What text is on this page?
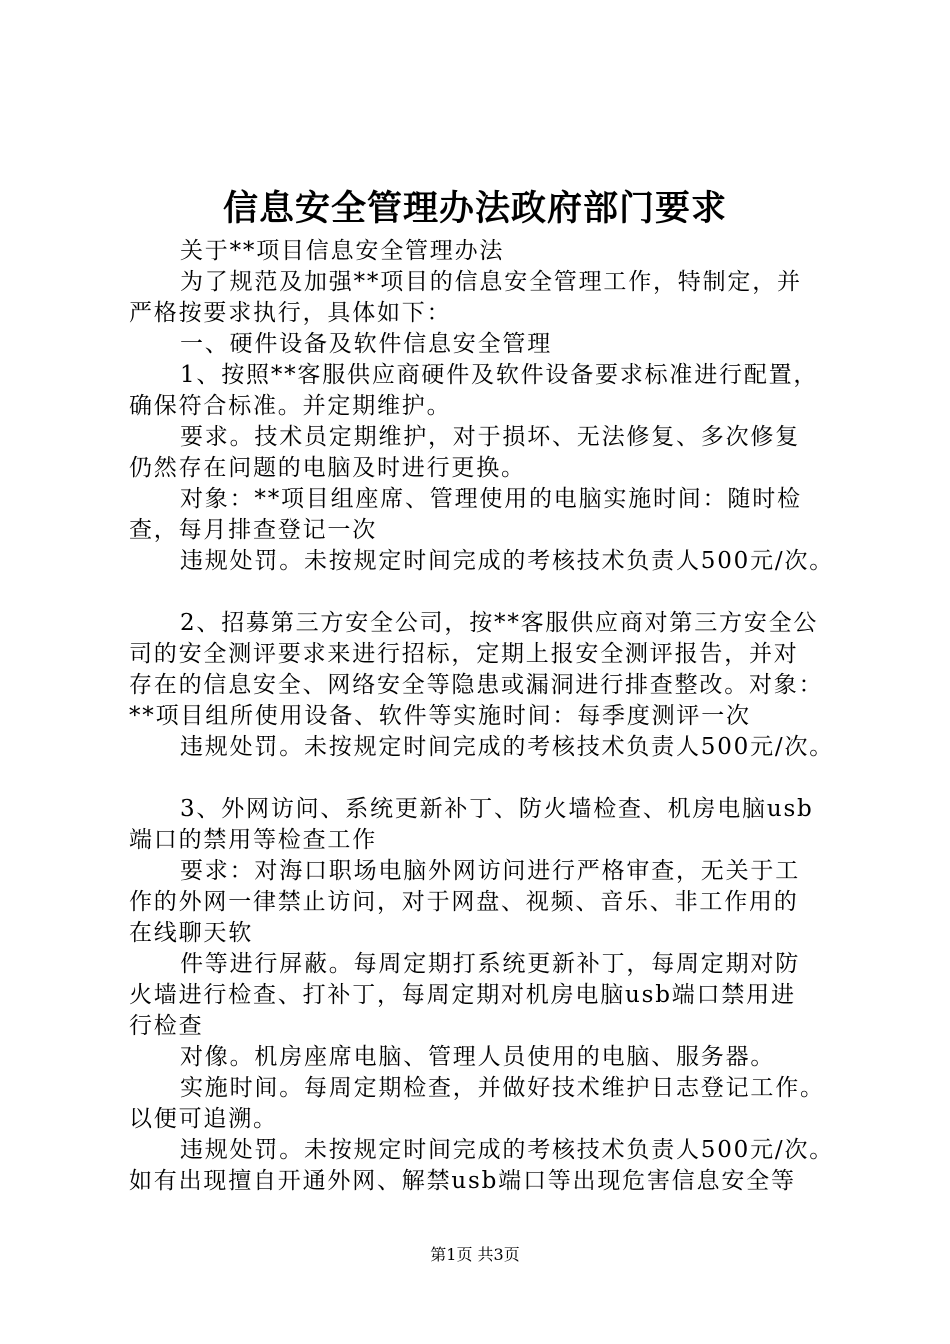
信息安全管理办法政府部门要求

关于**项目信息安全管理办法

为了规范及加强**项目的信息安全管理工作，特制定，并

严格按要求执行，具体如下：

一、硬件设备及软件信息安全管理

1、按照**客服供应商硬件及软件设备要求标准进行配置，

确保符合标准。并定期维护。

要求。技术员定期维护，对于损坏、无法修复、多次修复

仍然存在问题的电脑及时进行更换。

对象：**项目组座席、管理使用的电脑实施时间：随时检

查，每月排查登记一次

违规处罚。未按规定时间完成的考核技术负责人500元/次。

2、招募第三方安全公司，按**客服供应商对第三方安全公

司的安全测评要求来进行招标，定期上报安全测评报告，并对

存在的信息安全、网络安全等隐患或漏洞进行排查整改。对象：

**项目组所使用设备、软件等实施时间：每季度测评一次

违规处罚。未按规定时间完成的考核技术负责人500元/次。

3、外网访问、系统更新补丁、防火墙检查、机房电脑usb

端口的禁用等检查工作

要求：对海口职场电脑外网访问进行严格审查，无关于工

作的外网一律禁止访问，对于网盘、视频、音乐、非工作用的

在线聊天软

件等进行屏蔽。每周定期打系统更新补丁，每周定期对防

火墙进行检查、打补丁，每周定期对机房电脑usb端口禁用进

行检查

对像。机房座席电脑、管理人员使用的电脑、服务器。

实施时间。每周定期检查，并做好技术维护日志登记工作。

以便可追溯。

违规处罚。未按规定时间完成的考核技术负责人500元/次。

如有出现擅自开通外网、解禁usb端口等出现危害信息安全等

第1页 共3页
